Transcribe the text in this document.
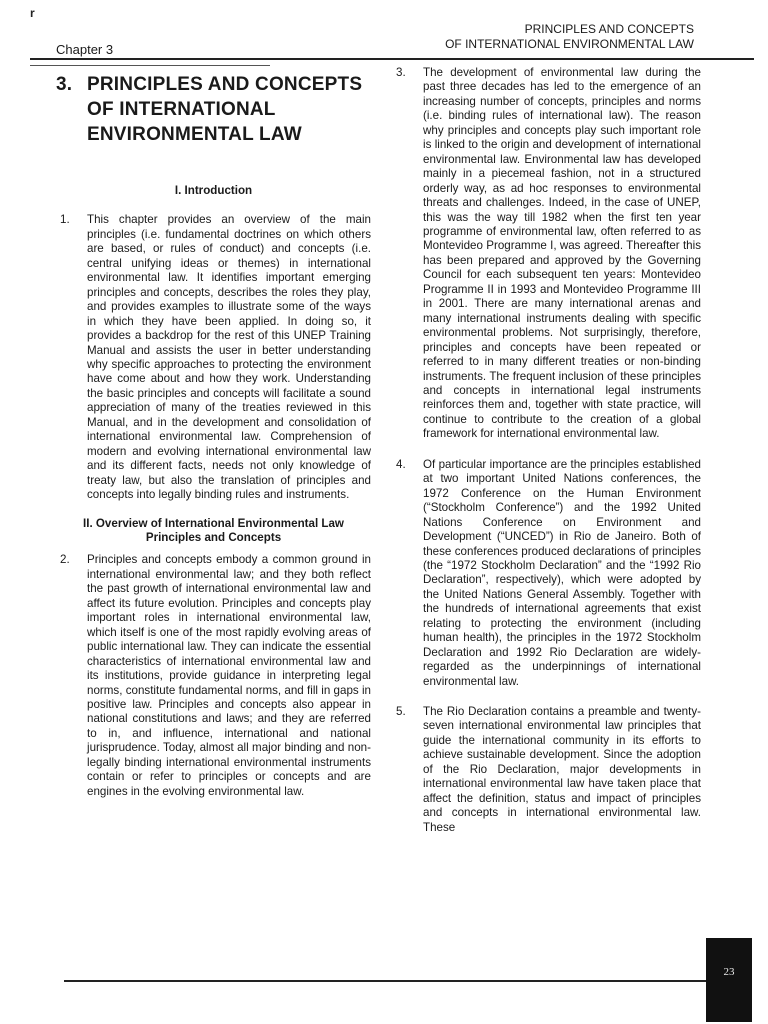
r
Chapter 3
PRINCIPLES AND CONCEPTS
OF INTERNATIONAL ENVIRONMENTAL LAW
3. PRINCIPLES AND CONCEPTS OF INTERNATIONAL ENVIRONMENTAL LAW

I. Introduction

1. This chapter provides an overview of the main principles (i.e. fundamental doctrines on which others are based, or rules of conduct) and concepts (i.e. central unifying ideas or themes) in international environmental law. It identifies important emerging principles and concepts, describes the roles they play, and provides examples to illustrate some of the ways in which they have been applied. In doing so, it provides a backdrop for the rest of this UNEP Training Manual and assists the user in better understanding why specific approaches to protecting the environment have come about and how they work. Understanding the basic principles and concepts will facilitate a sound appreciation of many of the treaties reviewed in this Manual, and in the development and consolidation of international environmental law. Comprehension of modern and evolving international environmental law and its different facts, needs not only knowledge of treaty law, but also the translation of principles and concepts into legally binding rules and instruments.

II. Overview of International Environmental Law
Principles and Concepts

2. Principles and concepts embody a common ground in international environmental law; and they both reflect the past growth of international environmental law and affect its future evolution. Principles and concepts play important roles in international environmental law, which itself is one of the most rapidly evolving areas of public international law. They can indicate the essential characteristics of international environmental law and its institutions, provide guidance in interpreting legal norms, constitute fundamental norms, and fill in gaps in positive law. Principles and concepts also appear in national constitutions and laws; and they are referred to in, and influence, international and national jurisprudence. Today, almost all major binding and non-legally binding international environmental instruments contain or refer to principles or concepts and are engines in the evolving environmental law.

3. The development of environmental law during the past three decades has led to the emergence of an increasing number of concepts, principles and norms (i.e. binding rules of international law). The reason why principles and concepts play such important role is linked to the origin and development of international environmental law. Environmental law has developed mainly in a piecemeal fashion, not in a structured orderly way, as ad hoc responses to environmental threats and challenges. Indeed, in the case of UNEP, this was the way till 1982 when the first ten year programme of environmental law, often referred to as Montevideo Programme I, was agreed. Thereafter this has been prepared and approved by the Governing Council for each subsequent ten years: Montevideo Programme II in 1993 and Montevideo Programme III in 2001. There are many international arenas and many international instruments dealing with specific environmental problems. Not surprisingly, therefore, principles and concepts have been repeated or referred to in many different treaties or non-binding instruments. The frequent inclusion of these principles and concepts in international legal instruments reinforces them and, together with state practice, will continue to contribute to the creation of a global framework for international environmental law.

4. Of particular importance are the principles established at two important United Nations conferences, the 1972 Conference on the Human Environment (“Stockholm Conference”) and the 1992 United Nations Conference on Environment and Development (“UNCED”) in Rio de Janeiro. Both of these conferences produced declarations of principles (the “1972 Stockholm Declaration” and the “1992 Rio Declaration”, respectively), which were adopted by the United Nations General Assembly. Together with the hundreds of international agreements that exist relating to protecting the environment (including human health), the principles in the 1972 Stockholm Declaration and 1992 Rio Declaration are widely-regarded as the underpinnings of international environmental law.

5. The Rio Declaration contains a preamble and twenty-seven international environmental law principles that guide the international community in its efforts to achieve sustainable development. Since the adoption of the Rio Declaration, major developments in international environmental law have taken place that affect the definition, status and impact of principles and concepts in international environmental law. These

23
